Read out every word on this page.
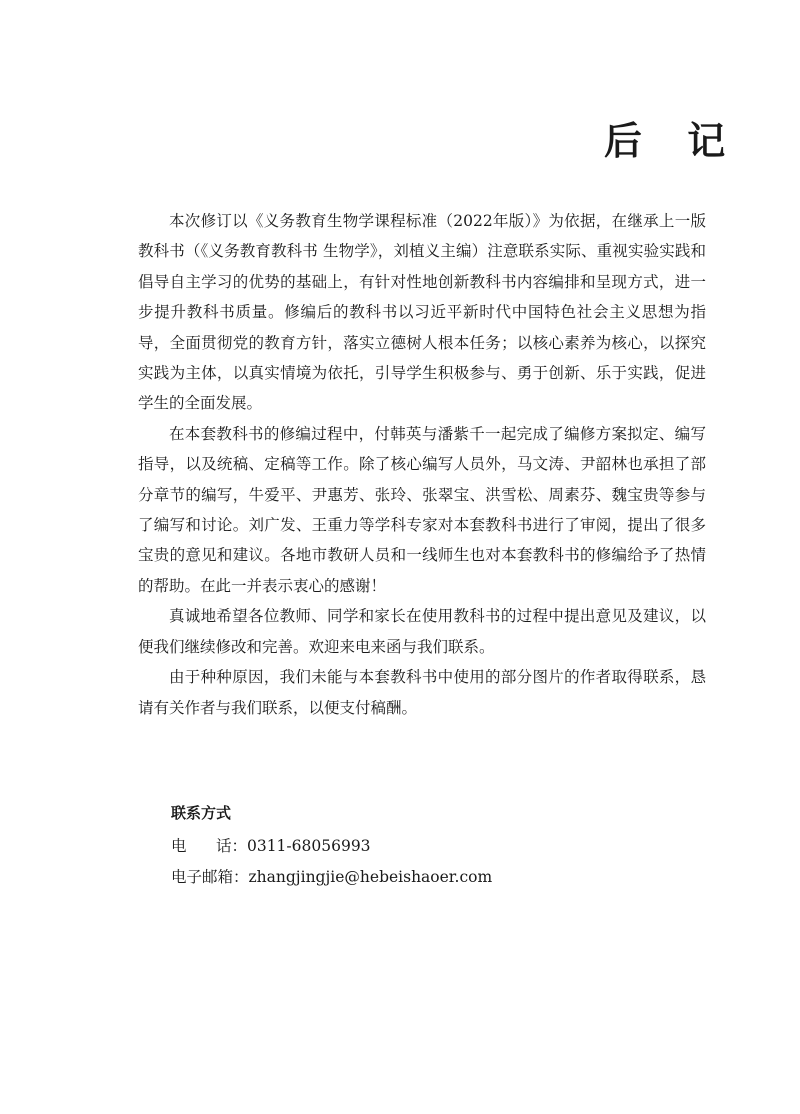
后 记

本次修订以《义务教育生物学课程标准（2022年版）》为依据，在继承上一版教科书（《义务教育教科书 生物学》，刘植义主编）注意联系实际、重视实验实践和倡导自主学习的优势的基础上，有针对性地创新教科书内容编排和呈现方式，进一步提升教科书质量。修编后的教科书以习近平新时代中国特色社会主义思想为指导，全面贯彻党的教育方针，落实立德树人根本任务；以核心素养为核心，以探究实践为主体，以真实情境为依托，引导学生积极参与、勇于创新、乐于实践，促进学生的全面发展。

在本套教科书的修编过程中，付韩英与潘紫千一起完成了编修方案拟定、编写指导，以及统稿、定稿等工作。除了核心编写人员外，马文涛、尹韶林也承担了部分章节的编写，牛爱平、尹惠芳、张玲、张翠宝、洪雪松、周素芬、魏宝贵等参与了编写和讨论。刘广发、王重力等学科专家对本套教科书进行了审阅，提出了很多宝贵的意见和建议。各地市教研人员和一线师生也对本套教科书的修编给予了热情的帮助。在此一并表示衷心的感谢！

真诚地希望各位教师、同学和家长在使用教科书的过程中提出意见及建议，以便我们继续修改和完善。欢迎来电来函与我们联系。

由于种种原因，我们未能与本套教科书中使用的部分图片的作者取得联系，恳请有关作者与我们联系，以便支付稿酬。

联系方式
电话：0311-68056993
电子邮箱：zhangjingjie@hebeishaoer.com
